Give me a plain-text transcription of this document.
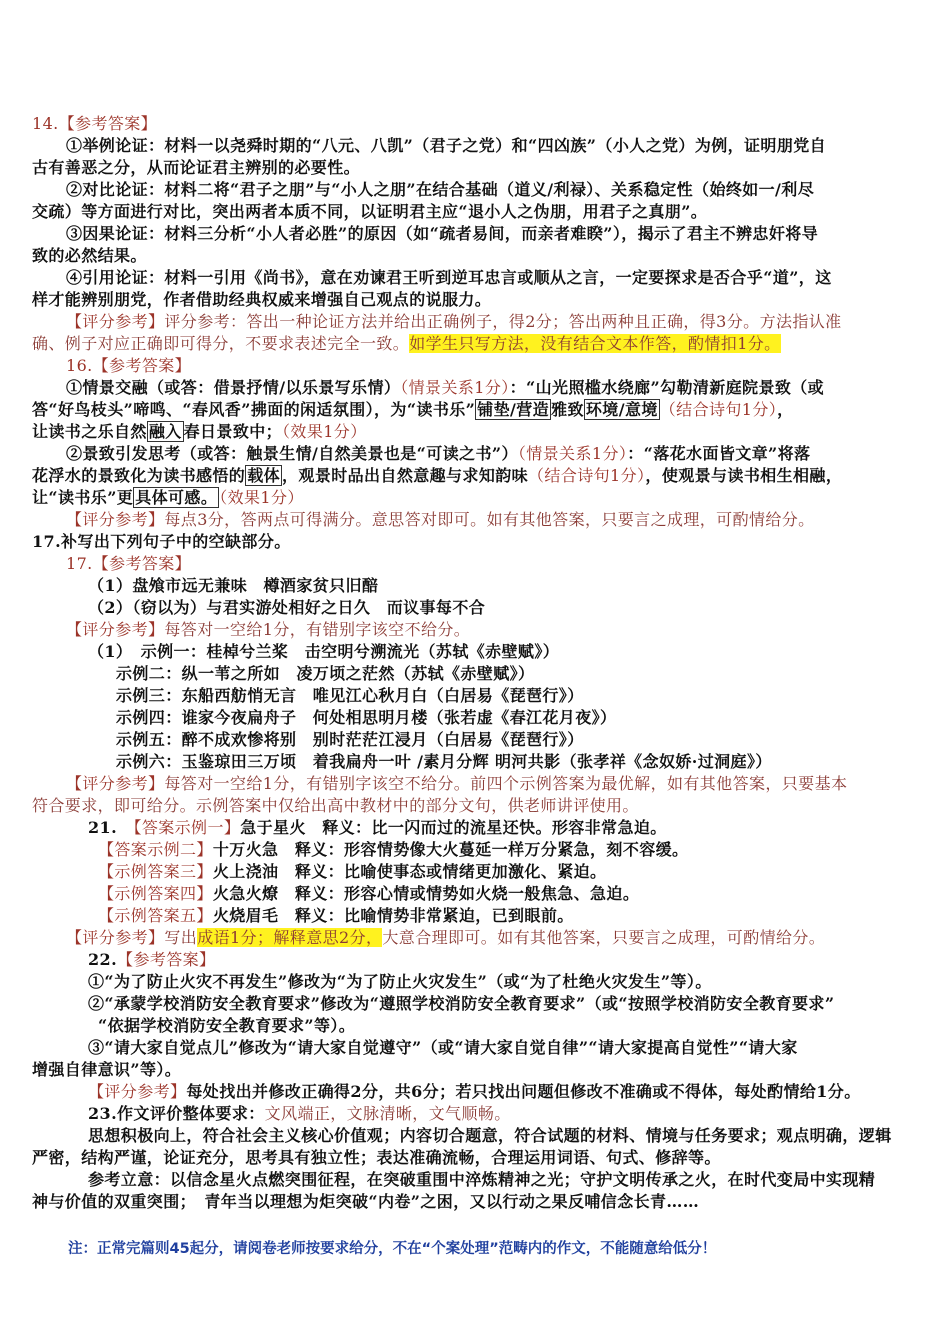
14.【参考答案】
①举例论证：材料一以尧舜时期的“八元、八凯”（君子之党）和“四凶族”（小人之党）为例，证明朋党自
古有善恶之分，从而论证君主辨别的必要性。
②对比论证：材料二将“君子之朋”与“小人之朋”在结合基础（道义/利禄）、关系稳定性（始终如一/利尽
交疏）等方面进行对比，突出两者本质不同，以证明君主应“退小人之伪朋，用君子之真朋”。
③因果论证：材料三分析“小人者必胜”的原因（如“疏者易间，而亲者难睽”），揭示了君主不辨忠奸将导
致的必然结果。
④引用论证：材料一引用《尚书》，意在劝谏君王听到逆耳忠言或顺从之言，一定要探求是否合乎“道”，这
样才能辨别朋党，作者借助经典权威来增强自己观点的说服力。
【评分参考】评分参考：答出一种论证方法并给出正确例子，得2分；答出两种且正确，得3分。方法指认准
确、例子对应正确即可得分，不要求表述完全一致。如学生只写方法，没有结合文本作答，酌情扣1分。
16.【参考答案】
①情景交融（或答：借景抒情/以乐景写乐情）（情景关系1分）：“山光照槛水绕廊”勾勒清新庭院景致（或
答“好鸟枝头”啼鸣、“春风香”拂面的闲适氛围），为“读书乐” 铺垫/营造 雅致 环境/意境 （结合诗句1分），
让读书之乐自然 融入 春日景致中；（效果1分）
②景致引发思考（或答：触景生情/自然美景也是“可读之书”）（情景关系1分）：“落花水面皆文章”将落
花浮水的景致化为读书感悟的 载体 ，观景时品出自然意趣与求知韵味（结合诗句1分），使观景与读书相生相融，
让“读书乐”更 具体可感。 （效果1分）
【评分参考】每点3分，答两点可得满分。意思答对即可。如有其他答案，只要言之成理，可酌情给分。
17.补写出下列句子中的空缺部分。
17.【参考答案】
（1）盘飧市远无兼味　樽酒家贫只旧醅
（2）（窃以为）与君实游处相好之日久　而议事每不合
【评分参考】每答对一空给1分，有错别字该空不给分。
（1）　示例一：桂棹兮兰桨　击空明兮溯流光（苏轼《赤壁赋》）
示例二：纵一苇之所如　凌万顷之茫然（苏轼《赤壁赋》）
示例三：东船西舫悄无言　唯见江心秋月白（白居易《琵琶行》）
示例四：谁家今夜扁舟子　何处相思明月楼（张若虚《春江花月夜》）
示例五：醉不成欢惨将别　别时茫茫江浸月（白居易《琵琶行》）
示例六：玉鉴琼田三万顷　着我扁舟一叶 /素月分辉 明河共影（张孝祥《念奴娇·过洞庭》）
【评分参考】每答对一空给1分，有错别字该空不给分。前四个示例答案为最优解，如有其他答案，只要基本
符合要求，即可给分。示例答案中仅给出高中教材中的部分文句，供老师讲评使用。
21.　【答案示例一】急于星火　释义：比一闪而过的流星还快。形容非常急迫。
【答案示例二】十万火急　释义：形容情势像大火蔓延一样万分紧急，刻不容缓。
【示例答案三】火上浇油　释义：比喻使事态或情绪更加激化、紧迫。
【示例答案四】火急火燎　释义：形容心情或情势如火烧一般焦急、急迫。
【示例答案五】火烧眉毛　释义：比喻情势非常紧迫，已到眼前。
【评分参考】写出成语1分；解释意思2分，大意合理即可。如有其他答案，只要言之成理，可酌情给分。
22.【参考答案】
①“为了防止火灾不再发生”修改为“为了防止火灾发生”（或“为了杜绝火灾发生”等）。
②“承蒙学校消防安全教育要求”修改为“遵照学校消防安全教育要求”（或“按照学校消防安全教育要求”
“依据学校消防安全教育要求”等）。
③“请大家自觉点儿”修改为“请大家自觉遵守”（或“请大家自觉自律”“请大家提高自觉性”“请大家
增强自律意识”等）。
【评分参考】每处找出并修改正确得2分，共6分；若只找出问题但修改不准确或不得体，每处酌情给1分。
23.作文评价整体要求：文风端正，文脉清晰，文气顺畅。
思想积极向上，符合社会主义核心价值观；内容切合题意，符合试题的材料、情境与任务要求；观点明确，逻辑
严密，结构严谨，论证充分，思考具有独立性；表达准确流畅，合理运用词语、句式、修辞等。
参考立意：以信念星火点燃突围征程，在突破重围中淬炼精神之光；守护文明传承之火，在时代变局中实现精
神与价值的双重突围；　青年当以理想为炬突破“内卷”之困，又以行动之果反哺信念长青……
注：正常完篇则45起分，请阅卷老师按要求给分，不在“个案处理”范畴内的作文，不能随意给低分！
